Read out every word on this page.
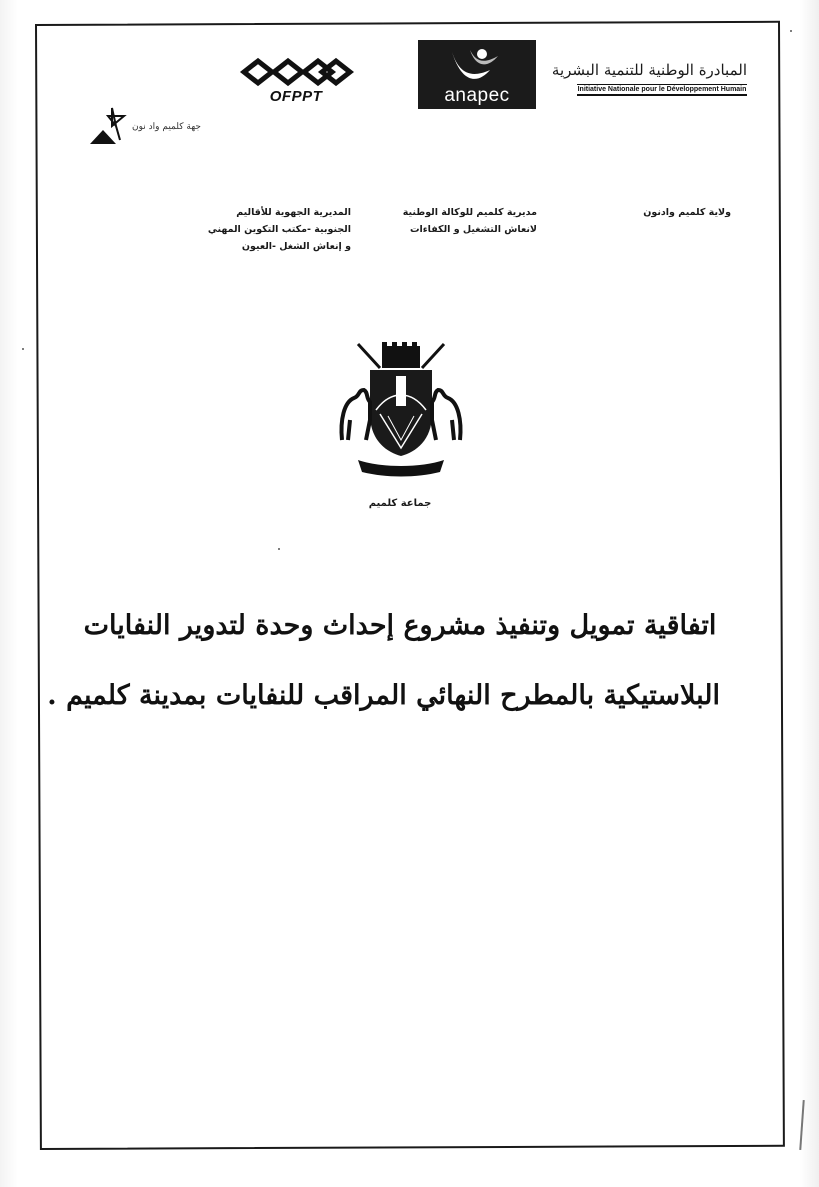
المبادرة الوطنية للتنمية البشرية
Initiative Nationale pour le Développement Humain
anapec
OFPPT
جهة كلميم واد نون
ولاية كلميم وادنون
مديرية كلميم للوكالة الوطنية
لانعاش التشغيل و الكفاءات
المديرية الجهوية للأقاليم
الجنوبية -مكتب التكوين المهني
و إنعاش الشغل -العيون
جماعة كلميم
اتفاقية تمويل وتنفيذ مشروع إحداث وحدة لتدوير النفايات
البلاستيكية بالمطرح النهائي المراقب للنفايات بمدينة كلميم .
